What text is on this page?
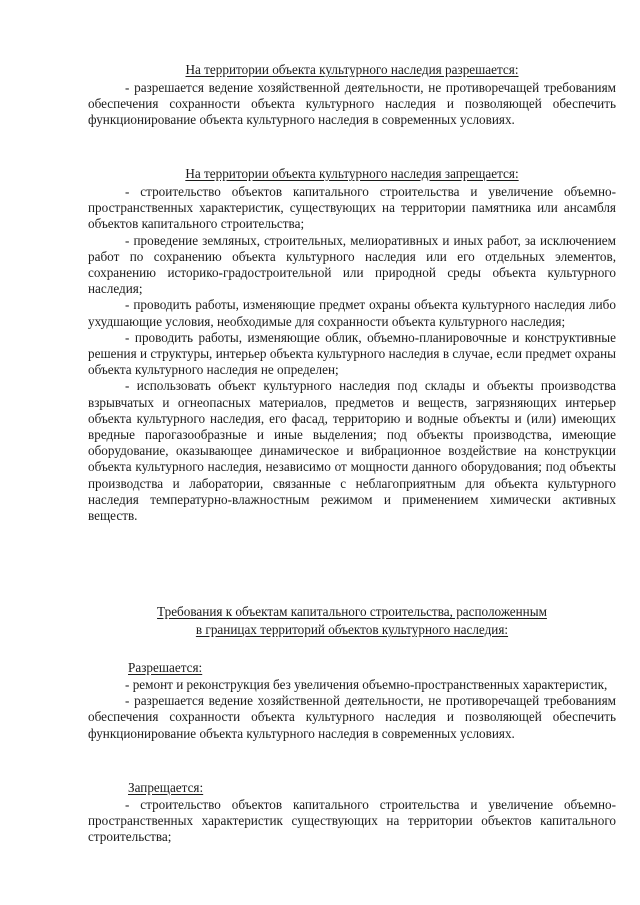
На территории объекта культурного наследия разрешается:

- разрешается ведение хозяйственной деятельности, не противоречащей требованиям обеспечения сохранности объекта культурного наследия и позволяющей обеспечить функционирование объекта культурного наследия в современных условиях.

На территории объекта культурного наследия запрещается:

- строительство объектов капитального строительства и увеличение объемно-пространственных характеристик, существующих на территории памятника или ансамбля объектов капитального строительства;

- проведение земляных, строительных, мелиоративных и иных работ, за исключением работ по сохранению объекта культурного наследия или его отдельных элементов, сохранению историко-градостроительной или природной среды объекта культурного наследия;

- проводить работы, изменяющие предмет охраны объекта культурного наследия либо ухудшающие условия, необходимые для сохранности объекта культурного наследия;

- проводить работы, изменяющие облик, объемно-планировочные и конструктивные решения и структуры, интерьер объекта культурного наследия в случае, если предмет охраны объекта культурного наследия не определен;

- использовать объект культурного наследия под склады и объекты производства взрывчатых и огнеопасных материалов, предметов и веществ, загрязняющих интерьер объекта культурного наследия, его фасад, территорию и водные объекты и (или) имеющих вредные парогазообразные и иные выделения; под объекты производства, имеющие оборудование, оказывающее динамическое и вибрационное воздействие на конструкции объекта культурного наследия, независимо от мощности данного оборудования; под объекты производства и лаборатории, связанные с неблагоприятным для объекта культурного наследия температурно-влажностным режимом и применением химически активных веществ.

Требования к объектам капитального строительства, расположенным
в границах территорий объектов культурного наследия:
Разрешается:

- ремонт и реконструкция без увеличения объемно-пространственных характеристик,

- разрешается ведение хозяйственной деятельности, не противоречащей требованиям обеспечения сохранности объекта культурного наследия и позволяющей обеспечить функционирование объекта культурного наследия в современных условиях.

Запрещается:

- строительство объектов капитального строительства и увеличение объемно-пространственных характеристик существующих на территории объектов капитального строительства;
